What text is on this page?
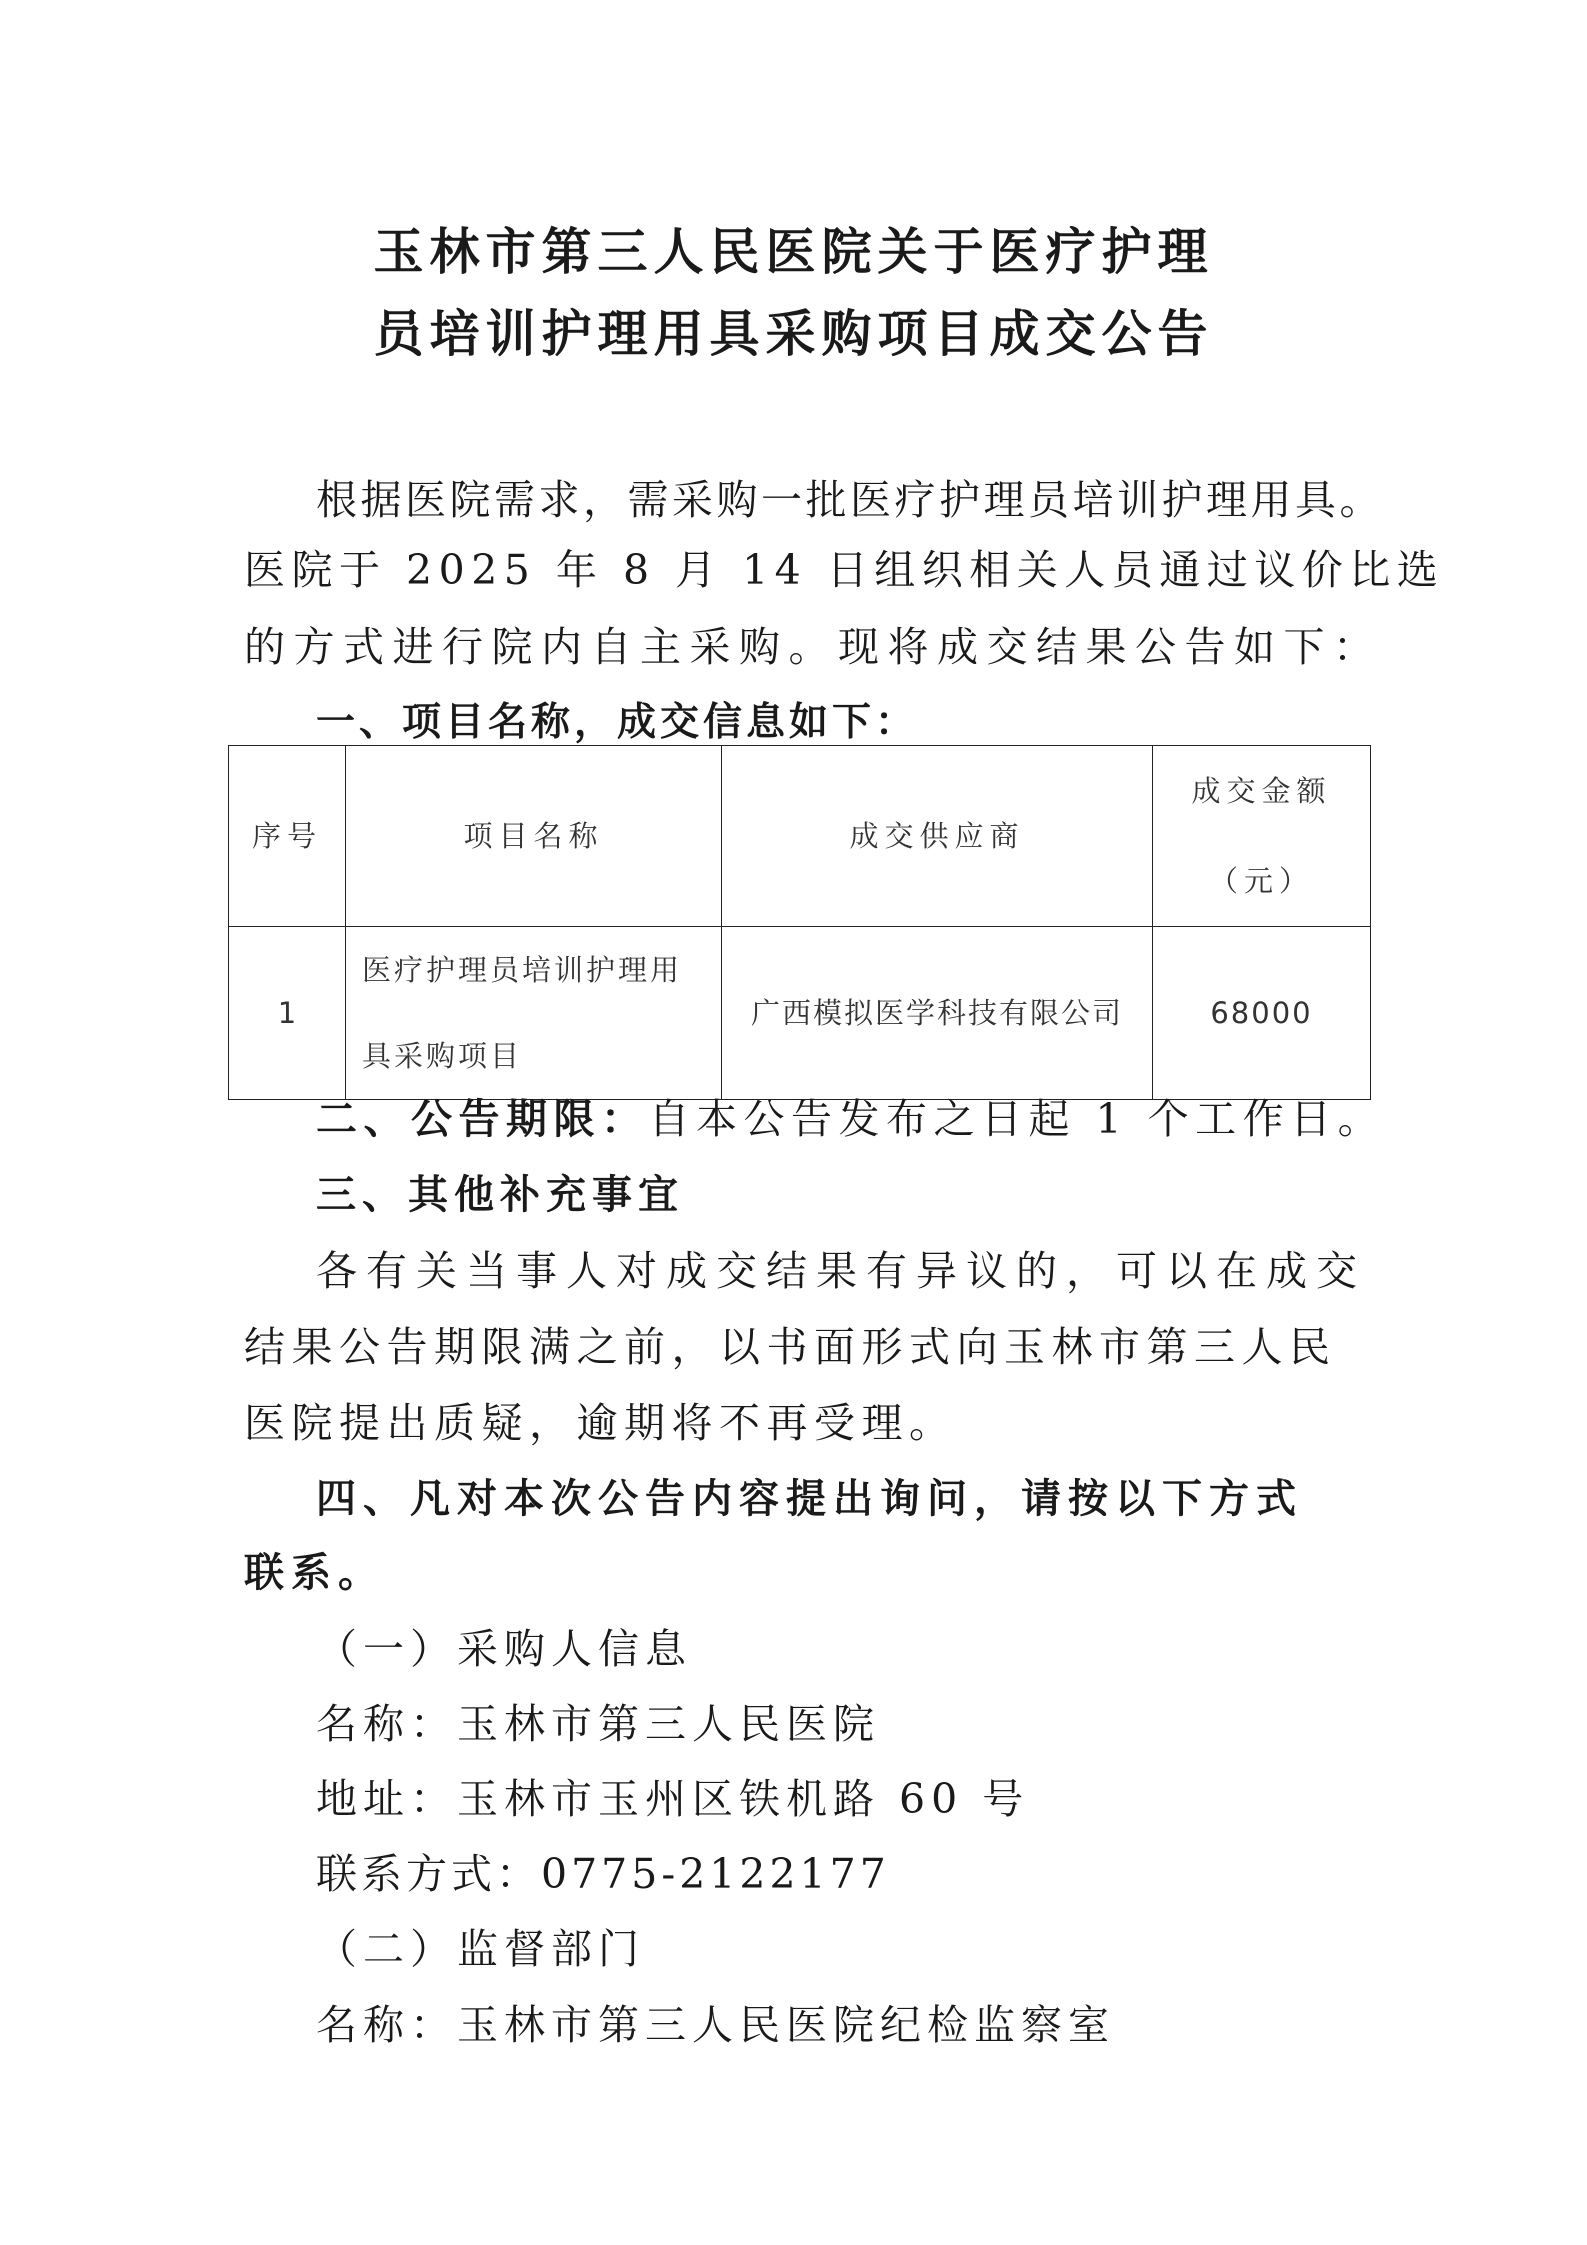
玉林市第三人民医院关于医疗护理
员培训护理用具采购项目成交公告

根据医院需求，需采购一批医疗护理员培训护理用具。

医院于 2025 年 8 月 14 日组织相关人员通过议价比选

的方式进行院内自主采购。现将成交结果公告如下：

一、项目名称，成交信息如下：

序号	项目名称	成交供应商	成交金额
（元）

1	医疗护理员培训护理用
具采购项目	广西模拟医学科技有限公司	68000

二、公告期限：自本公告发布之日起 1 个工作日。

三、其他补充事宜

各有关当事人对成交结果有异议的，可以在成交

结果公告期限满之前，以书面形式向玉林市第三人民

医院提出质疑，逾期将不再受理。

四、凡对本次公告内容提出询问，请按以下方式

联系。

（一）采购人信息

名称：玉林市第三人民医院

地址：玉林市玉州区铁机路 60 号

联系方式：0775-2122177

（二）监督部门

名称：玉林市第三人民医院纪检监察室
